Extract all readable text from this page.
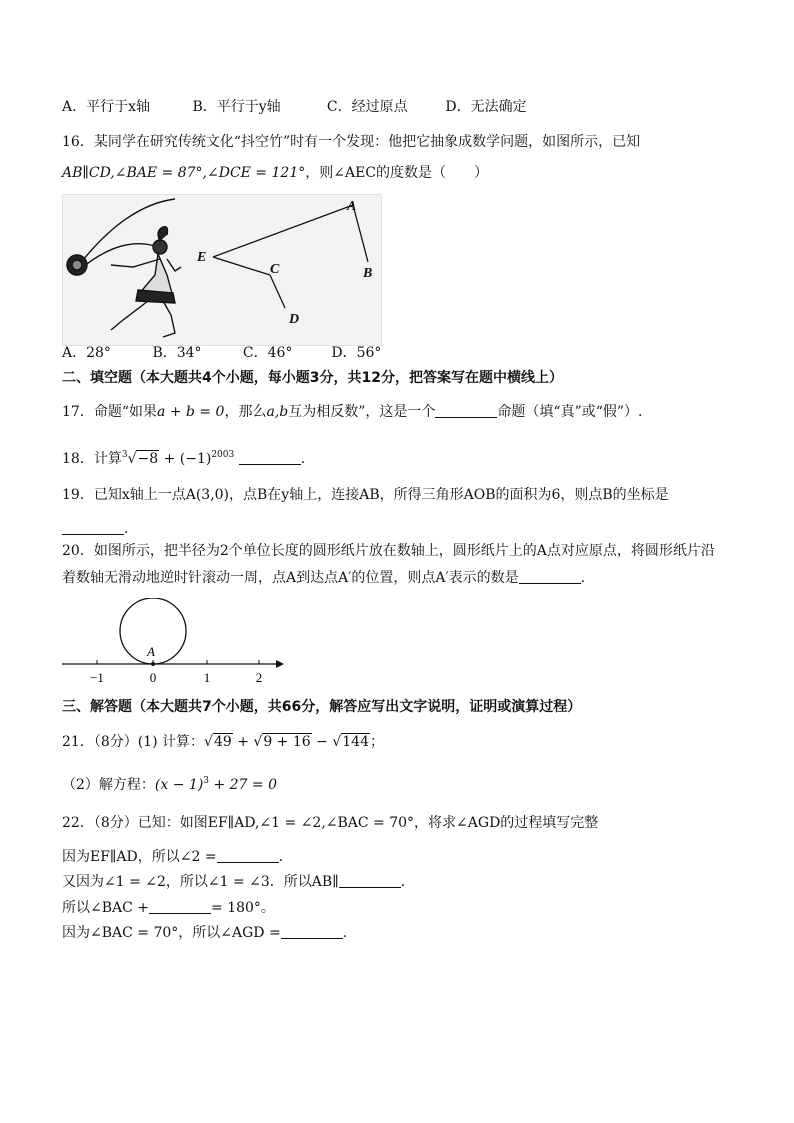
A．平行于x轴	B．平行于y轴	C．经过原点	D．无法确定
16．某同学在研究传统文化“抖空竹”时有一个发现：他把它抽象成数学问题，如图所示，已知
AB∥CD,∠BAE = 87°,∠DCE = 121°，则∠AEC的度数是（　　）
A
B
C
D
E
A．28°	B．34°	C．46°	D．56°
二、填空题（本大题共4个小题，每小题3分，共12分，把答案写在题中横线上）
17．命题“如果a + b = 0，那么a,b互为相反数”，这是一个	命题（填“真”或“假”）.
18．计算$^3√-8 + (-1)^{2003}$	.
19．已知x轴上一点A(3,0)，点B在y轴上，连接AB，所得三角形AOB的面积为6，则点B的坐标是
.
20．如图所示，把半径为2个单位长度的圆形纸片放在数轴上，圆形纸片上的A点对应原点，将圆形纸片沿
着数轴无滑动地逆时针滚动一周，点A到达点A′的位置，则点A′表示的数是	.
A
−1	0	1	2
三、解答题（本大题共7个小题，共66分，解答应写出文字说明，证明或演算过程）
21．（8分）(1) 计算：√49 + √9 + 16 − √144；
（2）解方程：$(x - 1)^3 + 27 = 0$
22．（8分）已知：如图EF∥AD,∠1 = ∠2,∠BAC = 70°，将求∠AGD的过程填写完整
因为EF∥AD，所以∠2 =	.
又因为∠1 = ∠2，所以∠1 = ∠3．所以AB∥	.
所以∠BAC +	= 180°。
因为∠BAC = 70°，所以∠AGD =	.
